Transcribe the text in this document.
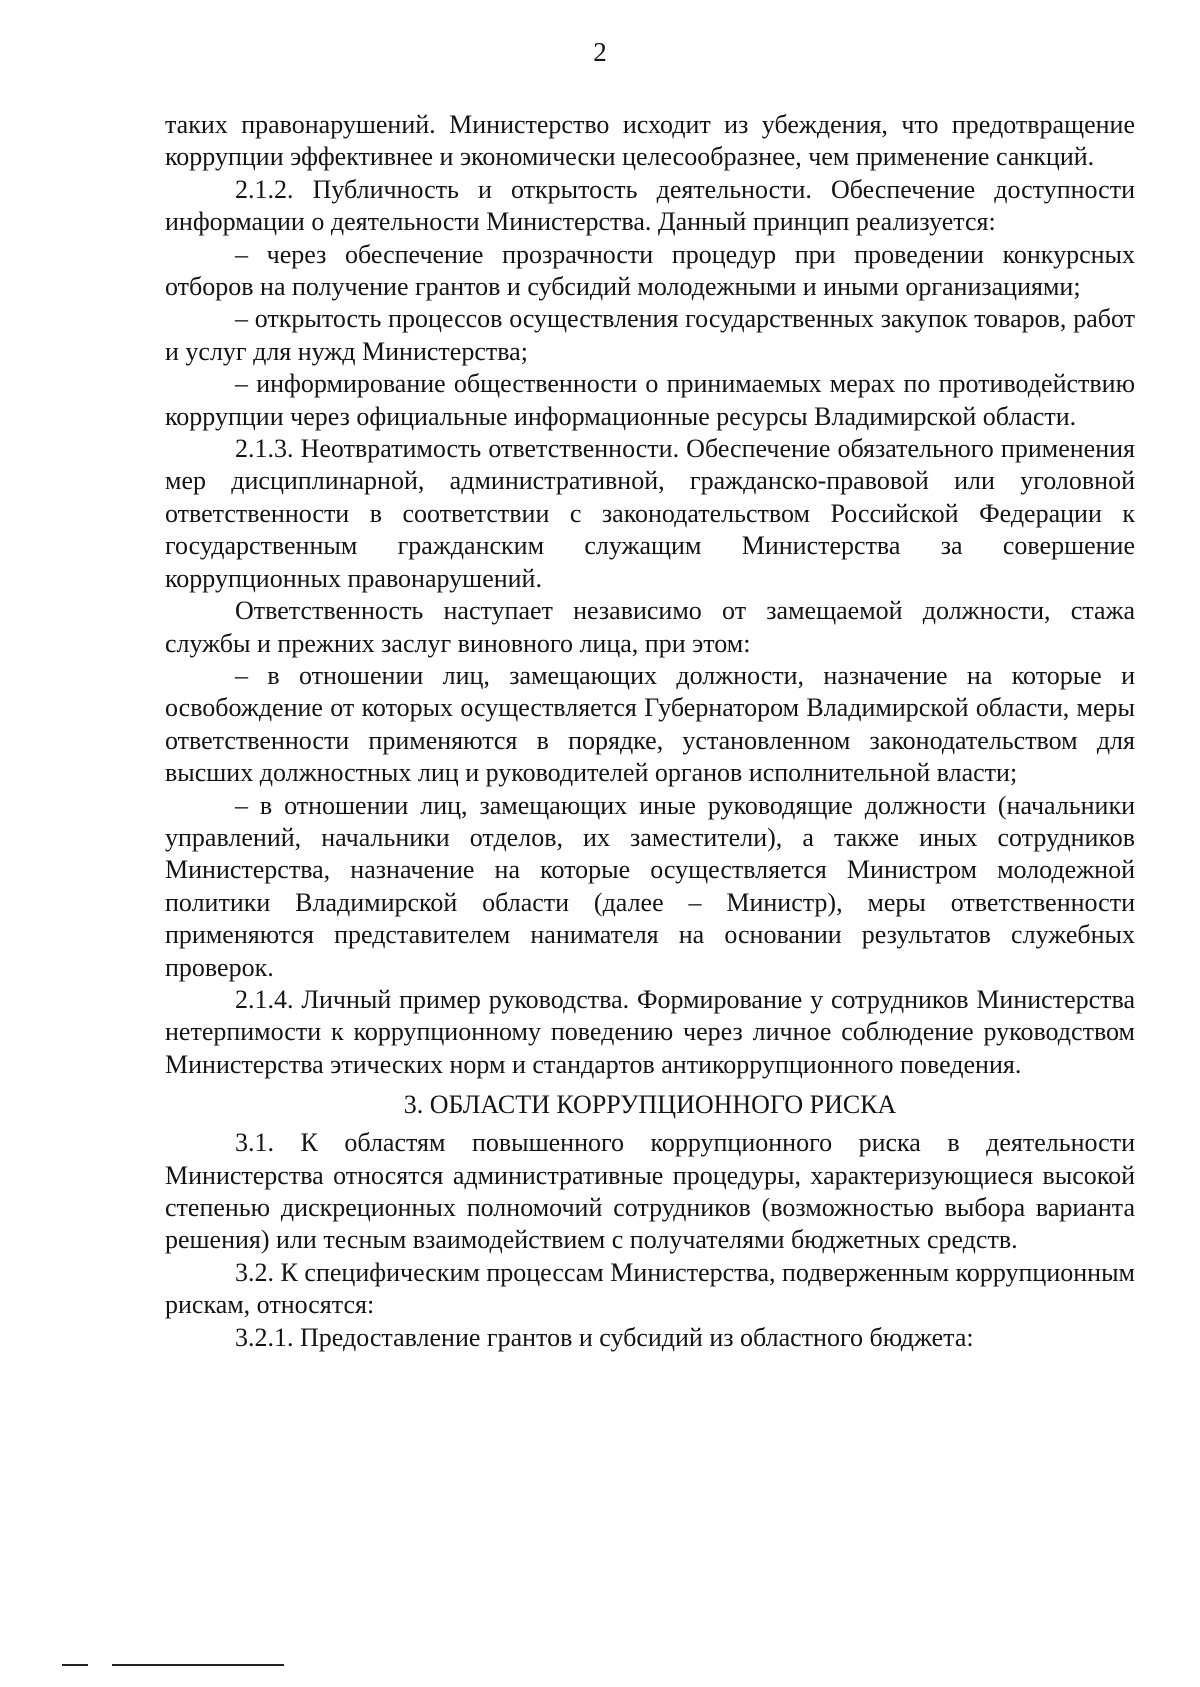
2

таких правонарушений. Министерство исходит из убеждения, что предотвращение коррупции эффективнее и экономически целесообразнее, чем применение санкций.

2.1.2. Публичность и открытость деятельности. Обеспечение доступности информации о деятельности Министерства. Данный принцип реализуется:

– через обеспечение прозрачности процедур при проведении конкурсных отборов на получение грантов и субсидий молодежными и иными организациями;

– открытость процессов осуществления государственных закупок товаров, работ и услуг для нужд Министерства;

– информирование общественности о принимаемых мерах по противодействию коррупции через официальные информационные ресурсы Владимирской области.

2.1.3. Неотвратимость ответственности. Обеспечение обязательного применения мер дисциплинарной, административной, гражданско-правовой или уголовной ответственности в соответствии с законодательством Российской Федерации к государственным гражданским служащим Министерства за совершение коррупционных правонарушений.

Ответственность наступает независимо от замещаемой должности, стажа службы и прежних заслуг виновного лица, при этом:

– в отношении лиц, замещающих должности, назначение на которые и освобождение от которых осуществляется Губернатором Владимирской области, меры ответственности применяются в порядке, установленном законодательством для высших должностных лиц и руководителей органов исполнительной власти;

– в отношении лиц, замещающих иные руководящие должности (начальники управлений, начальники отделов, их заместители), а также иных сотрудников Министерства, назначение на которые осуществляется Министром молодежной политики Владимирской области (далее – Министр), меры ответственности применяются представителем нанимателя на основании результатов служебных проверок.

2.1.4. Личный пример руководства. Формирование у сотрудников Министерства нетерпимости к коррупционному поведению через личное соблюдение руководством Министерства этических норм и стандартов антикоррупционного поведения.

3. ОБЛАСТИ КОРРУПЦИОННОГО РИСКА

3.1. К областям повышенного коррупционного риска в деятельности Министерства относятся административные процедуры, характеризующиеся высокой степенью дискреционных полномочий сотрудников (возможностью выбора варианта решения) или тесным взаимодействием с получателями бюджетных средств.

3.2. К специфическим процессам Министерства, подверженным коррупционным рискам, относятся:

3.2.1. Предоставление грантов и субсидий из областного бюджета:
